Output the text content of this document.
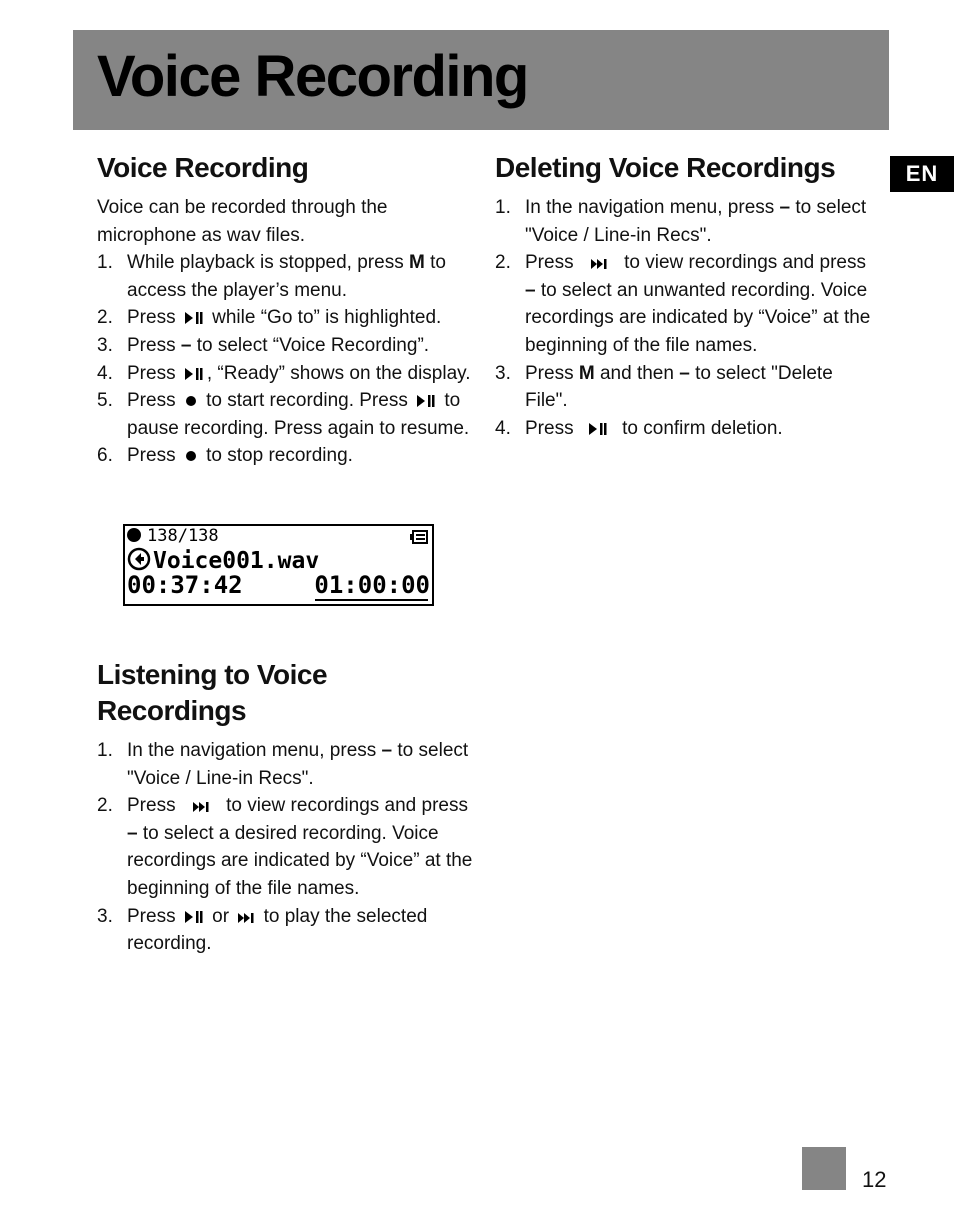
Voice Recording
EN
Voice Recording

Voice can be recorded through the microphone as wav files.

1. While playback is stopped, press M to access the player’s menu.
2. Press while “Go to” is highlighted.
3. Press – to select “Voice Recording”.
4. Press , “Ready” shows on the display.
5. Press to start recording. Press to pause recording. Press again to resume.
6. Press to stop recording.
138/138
Voice001.wav
00:37:42	01:00:00
Listening to Voice
Recordings
1. In the navigation menu, press – to select "Voice / Line-in Recs".
2. Press	to view recordings and press
– to select a desired recording. Voice recordings are indicated by “Voice” at the beginning of the file names.
3. Press or to play the selected recording.
Deleting Voice Recordings
1. In the navigation menu, press – to select "Voice / Line-in Recs".
2. Press	to view recordings and press
– to select an unwanted recording. Voice recordings are indicated by “Voice” at the beginning of the file names.
3. Press M and then – to select "Delete File".
4. Press	to confirm deletion.
12
